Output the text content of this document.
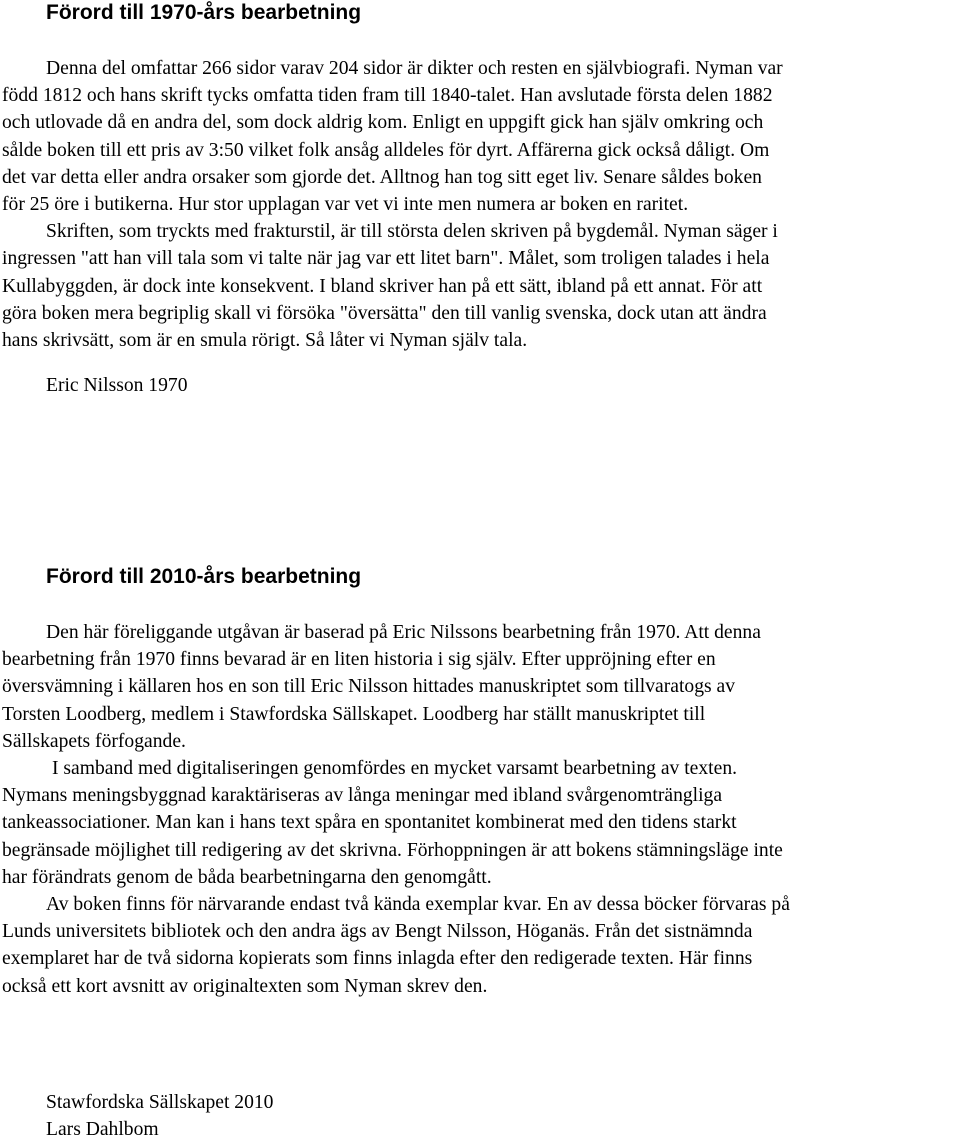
Förord till 1970-års bearbetning

Denna del omfattar 266 sidor varav 204 sidor är dikter och resten en självbiografi. Nyman var

född 1812 och hans skrift tycks omfatta tiden fram till 1840-talet. Han avslutade första delen 1882

och utlovade då en andra del, som dock aldrig kom. Enligt en uppgift gick han själv omkring och

sålde boken till ett pris av 3:50 vilket folk ansåg alldeles för dyrt. Affärerna gick också dåligt. Om

det var detta eller andra orsaker som gjorde det. Alltnog han tog sitt eget liv. Senare såldes boken

för 25 öre i butikerna. Hur stor upplagan var vet vi inte men numera ar boken en raritet.

Skriften, som tryckts med frakturstil, är till största delen skriven på bygdemål. Nyman säger i

ingressen "att han vill tala som vi talte när jag var ett litet barn". Målet, som troligen talades i hela

Kullabyggden, är dock inte konsekvent. I bland skriver han på ett sätt, ibland på ett annat. För att

göra boken mera begriplig skall vi försöka "översätta" den till vanlig svenska, dock utan att ändra

hans skrivsätt, som är en smula rörigt. Så låter vi Nyman själv tala.

Eric Nilsson 1970

Förord till 2010-års bearbetning

Den här föreliggande utgåvan är baserad på Eric Nilssons bearbetning från 1970. Att denna

bearbetning från 1970 finns bevarad är en liten historia i sig själv. Efter uppröjning efter en

översvämning i källaren hos en son till Eric Nilsson hittades manuskriptet som tillvaratogs av

Torsten Loodberg, medlem i Stawfordska Sällskapet. Loodberg har ställt manuskriptet till

Sällskapets förfogande.

I samband med digitaliseringen genomfördes en mycket varsamt bearbetning av texten.

Nymans meningsbyggnad karaktäriseras av långa meningar med ibland svårgenomträngliga

tankeassociationer. Man kan i hans text spåra en spontanitet kombinerat med den tidens starkt

begränsade möjlighet till redigering av det skrivna. Förhoppningen är att bokens stämningsläge inte

har förändrats genom de båda bearbetningarna den genomgått.

Av boken finns för närvarande endast två kända exemplar kvar. En av dessa böcker förvaras på

Lunds universitets bibliotek och den andra ägs av Bengt Nilsson, Höganäs. Från det sistnämnda

exemplaret har de två sidorna kopierats som finns inlagda efter den redigerade texten. Här finns

också ett kort avsnitt av originaltexten som Nyman skrev den.

Stawfordska Sällskapet 2010

Lars Dahlbom
